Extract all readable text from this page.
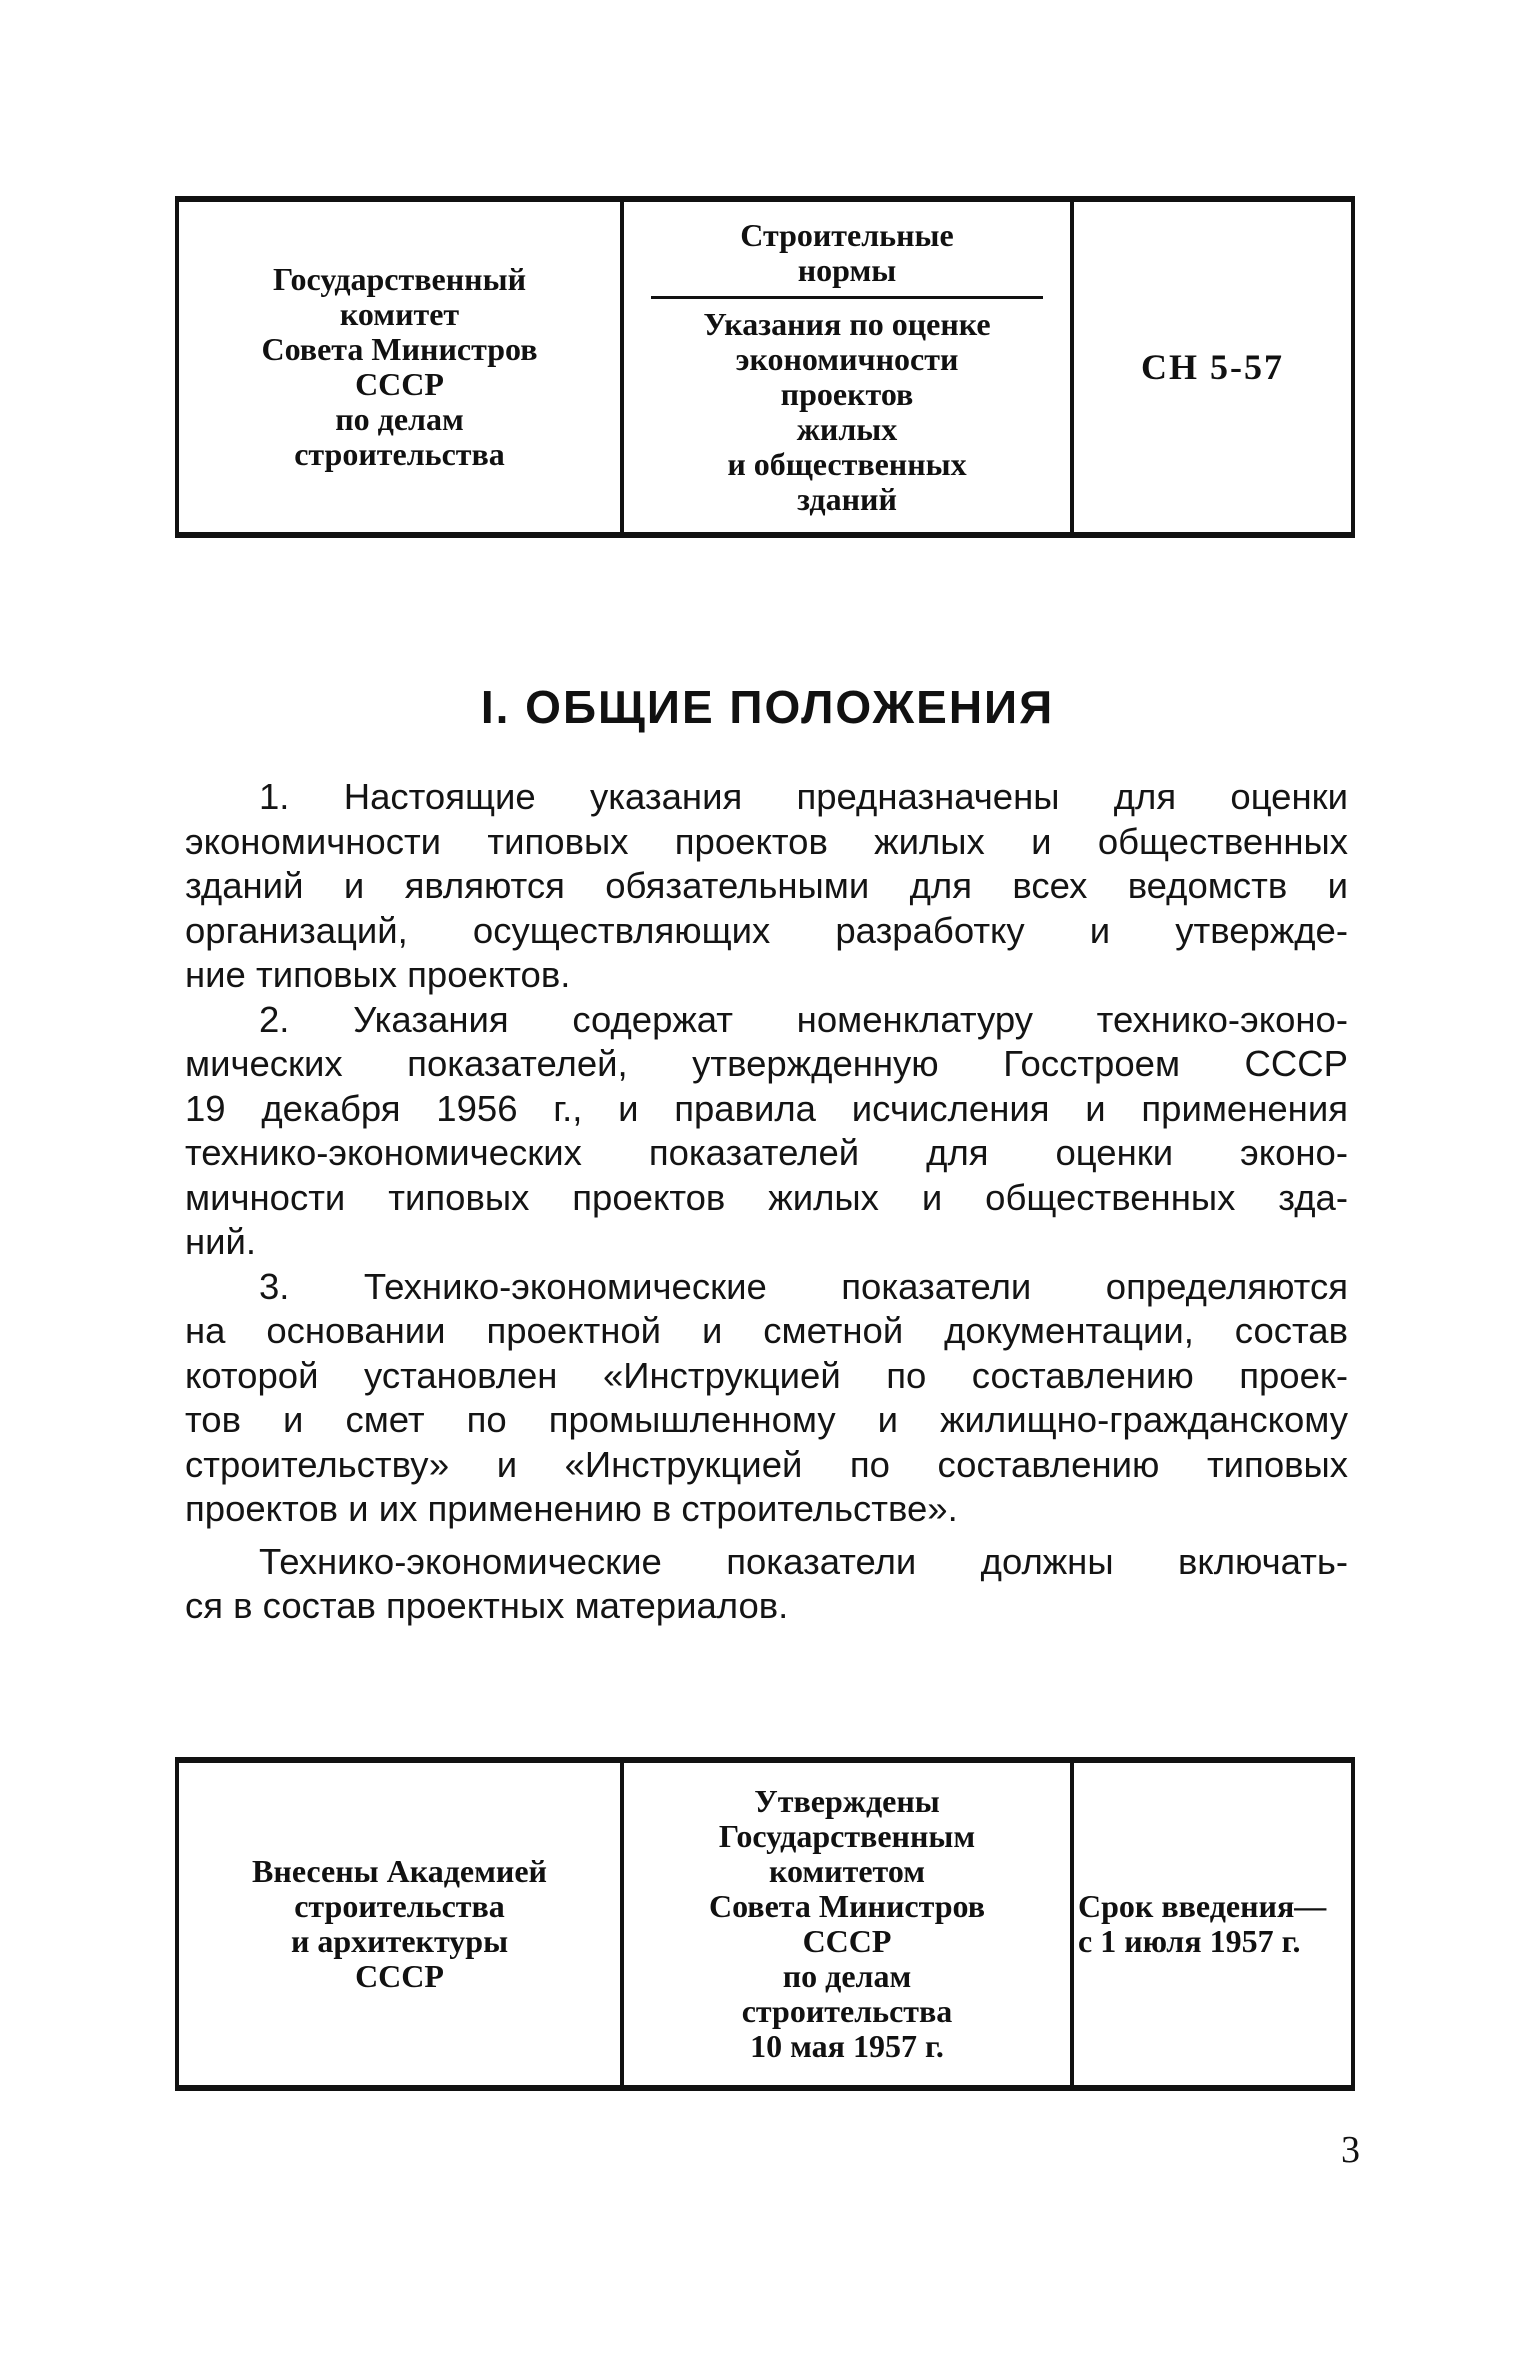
Государственный
комитет
Совета Министров
СССР
по делам
строительства
Строительные
нормы
Указания по оценке
экономичности
проектов
жилых
и общественных
зданий
СН 5-57
I. ОБЩИЕ ПОЛОЖЕНИЯ

1. Настоящие указания предназначены для оценки
экономичности типовых проектов жилых и общественных
зданий и являются обязательными для всех ведомств и
организаций, осуществляющих разработку и утвержде-
ние типовых проектов.

2. Указания содержат номенклатуру технико-эконо-
мических показателей, утвержденную Госстроем СССР
19 декабря 1956 г., и правила исчисления и применения
технико-экономических показателей для оценки эконо-
мичности типовых проектов жилых и общественных зда-
ний.

3. Технико-экономические показатели определяются
на основании проектной и сметной документации, состав
которой установлен «Инструкцией по составлению проек-
тов и смет по промышленному и жилищно-гражданскому
строительству» и «Инструкцией по составлению типовых
проектов и их применению в строительстве».

Технико-экономические показатели должны включать-
ся в состав проектных материалов.

Внесены Академией
строительства
и архитектуры
СССР
Утверждены
Государственным
комитетом
Совета Министров
СССР
по делам
строительства
10 мая 1957 г.
Срок введения—
с 1 июля 1957 г.
3
